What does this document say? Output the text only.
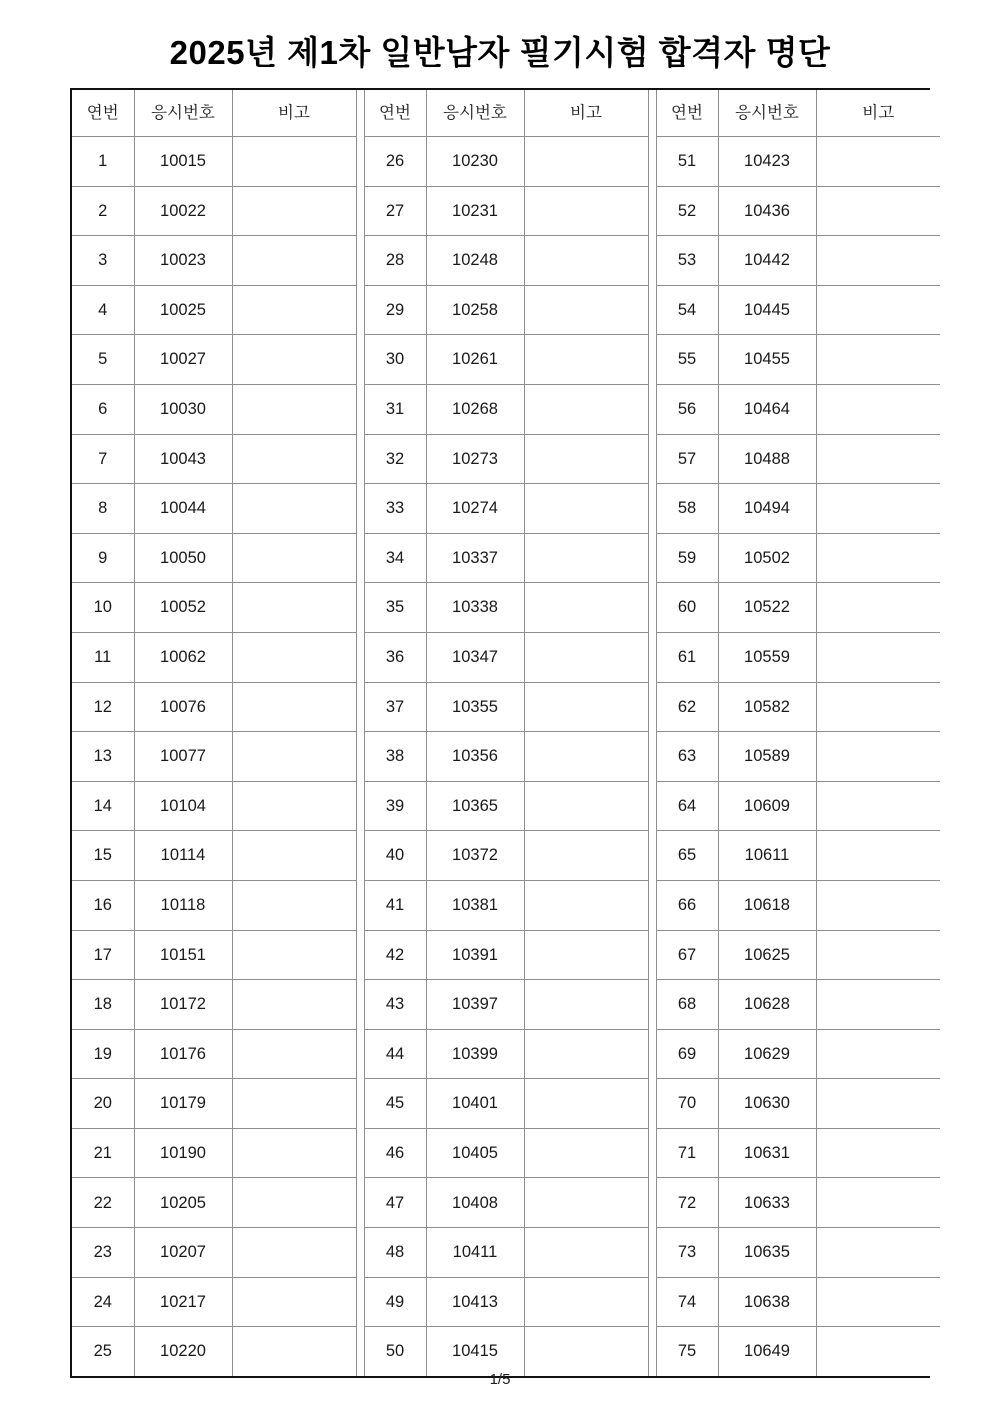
2025년 제1차 일반남자 필기시험 합격자 명단
연번	응시번호	비고		연번	응시번호	비고		연번	응시번호	비고
1	10015			26	10230			51	10423	
2	10022			27	10231			52	10436	
3	10023			28	10248			53	10442	
4	10025			29	10258			54	10445	
5	10027			30	10261			55	10455	
6	10030			31	10268			56	10464	
7	10043			32	10273			57	10488	
8	10044			33	10274			58	10494	
9	10050			34	10337			59	10502	
10	10052			35	10338			60	10522	
11	10062			36	10347			61	10559	
12	10076			37	10355			62	10582	
13	10077			38	10356			63	10589	
14	10104			39	10365			64	10609	
15	10114			40	10372			65	10611	
16	10118			41	10381			66	10618	
17	10151			42	10391			67	10625	
18	10172			43	10397			68	10628	
19	10176			44	10399			69	10629	
20	10179			45	10401			70	10630	
21	10190			46	10405			71	10631	
22	10205			47	10408			72	10633	
23	10207			48	10411			73	10635	
24	10217			49	10413			74	10638	
25	10220			50	10415			75	10649	
1/5
